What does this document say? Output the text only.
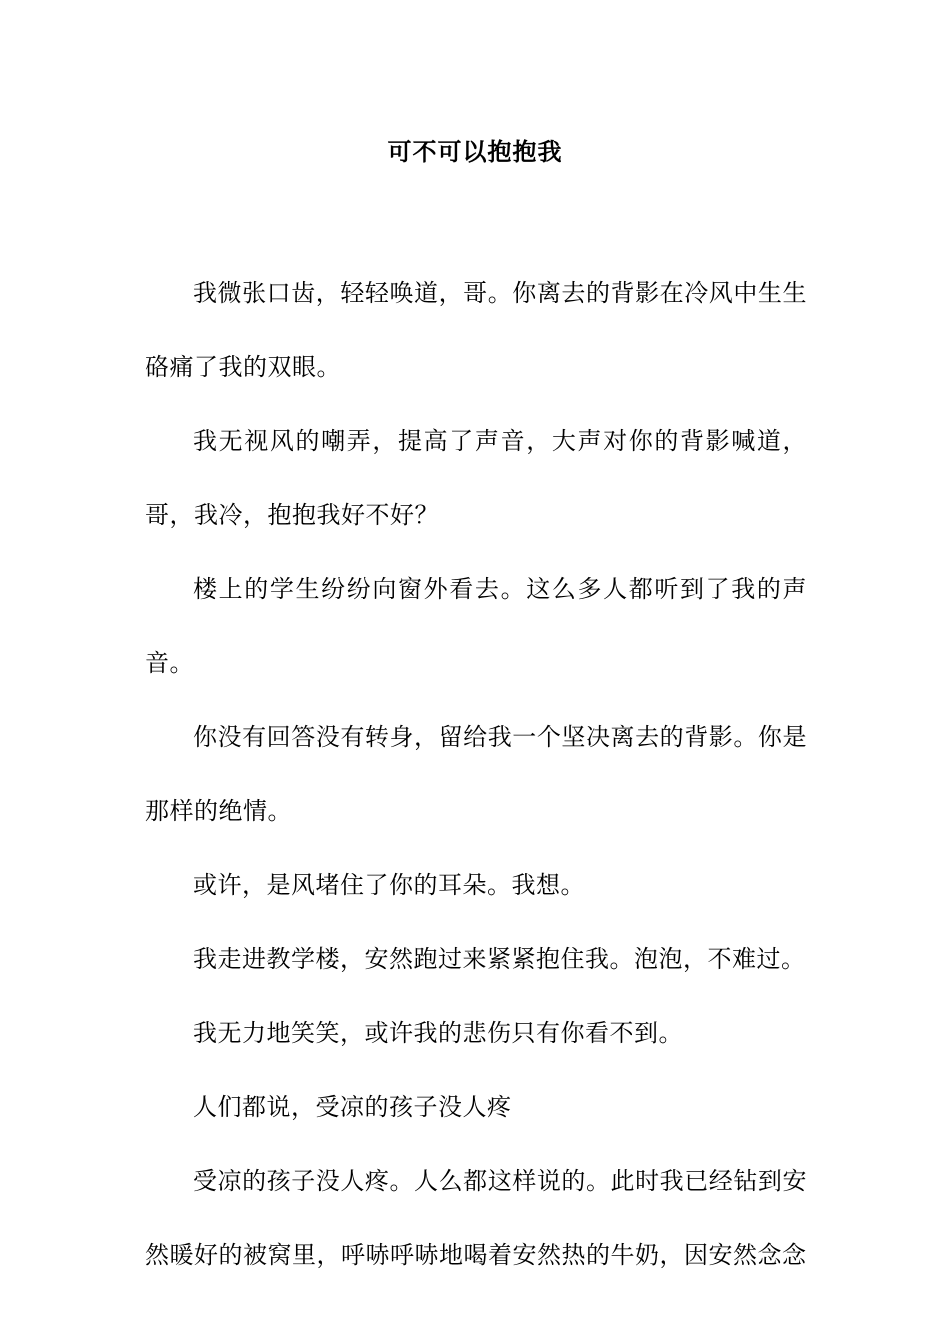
可不可以抱抱我

我微张口齿，轻轻唤道，哥。你离去的背影在冷风中生生硌痛了我的双眼。

我无视风的嘲弄，提高了声音，大声对你的背影喊道，哥，我冷，抱抱我好不好？

楼上的学生纷纷向窗外看去。这么多人都听到了我的声音。

你没有回答没有转身，留给我一个坚决离去的背影。你是那样的绝情。

或许，是风堵住了你的耳朵。我想。

我走进教学楼，安然跑过来紧紧抱住我。泡泡，不难过。

我无力地笑笑，或许我的悲伤只有你看不到。

人们都说，受凉的孩子没人疼

受凉的孩子没人疼。人么都这样说的。此时我已经钻到安然暖好的被窝里，呼哧呼哧地喝着安然热的牛奶，因安然念念
